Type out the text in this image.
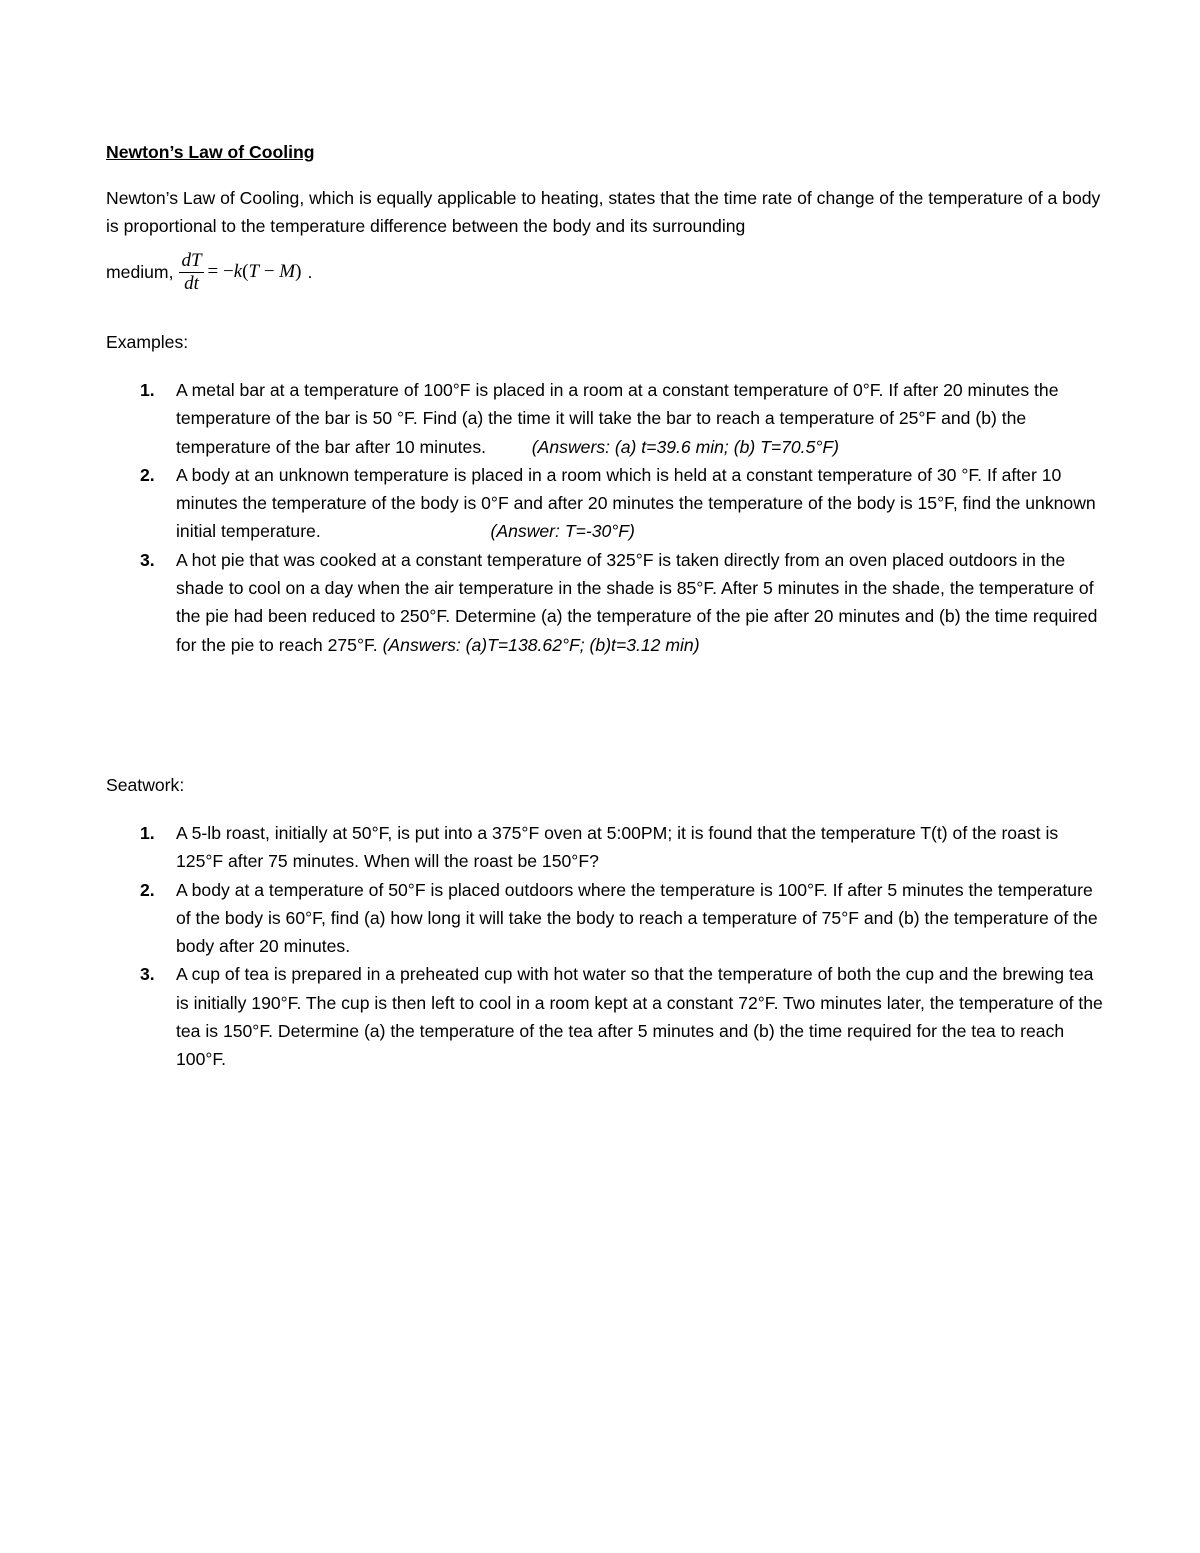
Newton’s Law of Cooling
Newton’s Law of Cooling, which is equally applicable to heating, states that the time rate of change of the temperature of a body is proportional to the temperature difference between the body and its surrounding
medium, $\frac{dT}{dt} = -k(T - M)$ .
Examples:
1. A metal bar at a temperature of 100°F is placed in a room at a constant temperature of 0°F. If after 20 minutes the temperature of the bar is 50 °F. Find (a) the time it will take the bar to reach a temperature of 25°F and (b) the temperature of the bar after 10 minutes.	(Answers: (a) t=39.6 min; (b) T=70.5°F)
2. A body at an unknown temperature is placed in a room which is held at a constant temperature of 30 °F. If after 10 minutes the temperature of the body is 0°F and after 20 minutes the temperature of the body is 15°F, find the unknown initial temperature.	(Answer: T=-30°F)
3. A hot pie that was cooked at a constant temperature of 325°F is taken directly from an oven placed outdoors in the shade to cool on a day when the air temperature in the shade is 85°F. After 5 minutes in the shade, the temperature of the pie had been reduced to 250°F. Determine (a) the temperature of the pie after 20 minutes and (b) the time required for the pie to reach 275°F. (Answers: (a)T=138.62°F; (b)t=3.12 min)
Seatwork:
1. A 5-lb roast, initially at 50°F, is put into a 375°F oven at 5:00PM; it is found that the temperature T(t) of the roast is 125°F after 75 minutes. When will the roast be 150°F?
2. A body at a temperature of 50°F is placed outdoors where the temperature is 100°F. If after 5 minutes the temperature of the body is 60°F, find (a) how long it will take the body to reach a temperature of 75°F and (b) the temperature of the body after 20 minutes.
3. A cup of tea is prepared in a preheated cup with hot water so that the temperature of both the cup and the brewing tea is initially 190°F. The cup is then left to cool in a room kept at a constant 72°F. Two minutes later, the temperature of the tea is 150°F. Determine (a) the temperature of the tea after 5 minutes and (b) the time required for the tea to reach 100°F.
